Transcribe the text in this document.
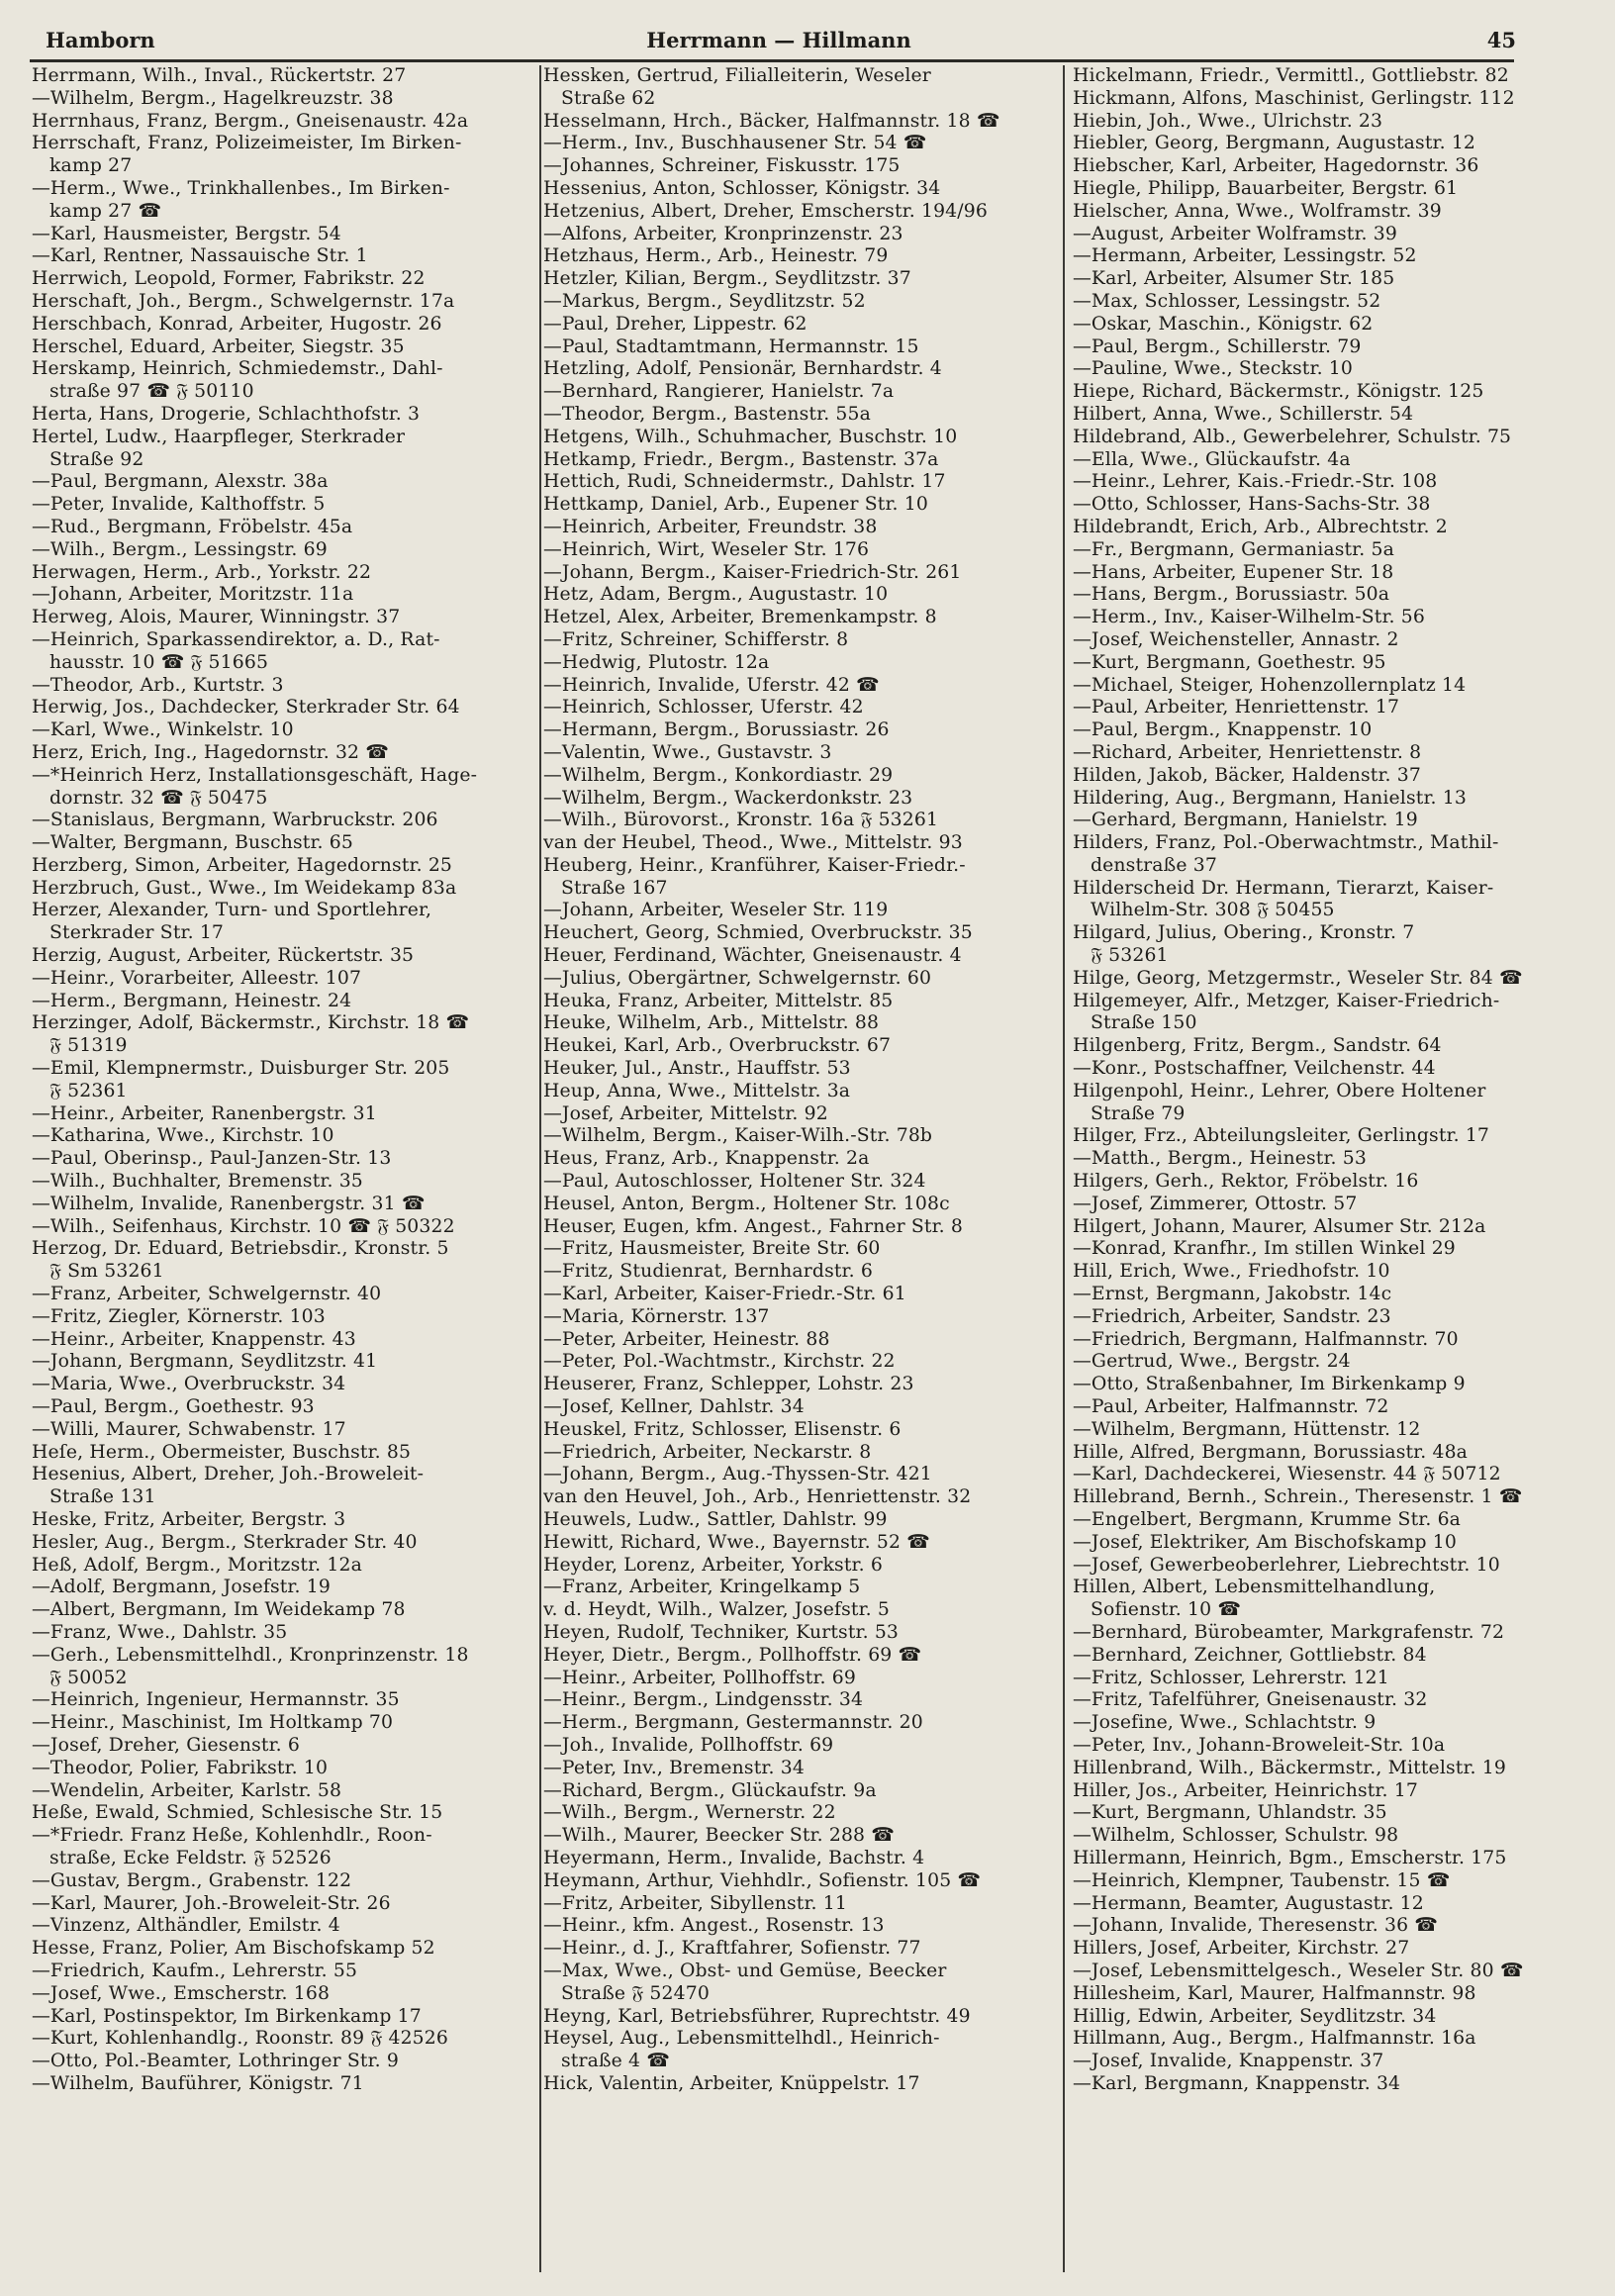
Hamborn	Herrmann — Hillmann	45
Herrmann, Wilh., Inval., Rückertstr. 27
—Wilhelm, Bergm., Hagelkreuzstr. 38
Herrnhaus, Franz, Bergm., Gneisenaustr. 42a
Herrschaft, Franz, Polizeimeister, Im Birken-
kamp 27
—Herm., Wwe., Trinkhallenbes., Im Birken-
kamp 27 ☎
—Karl, Hausmeister, Bergstr. 54
—Karl, Rentner, Nassauische Str. 1
Herrwich, Leopold, Former, Fabrikstr. 22
Herschaft, Joh., Bergm., Schwelgernstr. 17a
Herschbach, Konrad, Arbeiter, Hugostr. 26
Herschel, Eduard, Arbeiter, Siegstr. 35
Herskamp, Heinrich, Schmiedemstr., Dahl-
straße 97 ☎ 𝔉 50110
Herta, Hans, Drogerie, Schlachthofstr. 3
Hertel, Ludw., Haarpfleger, Sterkrader
Straße 92
—Paul, Bergmann, Alexstr. 38a
—Peter, Invalide, Kalthoffstr. 5
—Rud., Bergmann, Fröbelstr. 45a
—Wilh., Bergm., Lessingstr. 69
Herwagen, Herm., Arb., Yorkstr. 22
—Johann, Arbeiter, Moritzstr. 11a
Herweg, Alois, Maurer, Winningstr. 37
—Heinrich, Sparkassendirektor, a. D., Rat-
hausstr. 10 ☎ 𝔉 51665
—Theodor, Arb., Kurtstr. 3
Herwig, Jos., Dachdecker, Sterkrader Str. 64
—Karl, Wwe., Winkelstr. 10
Herz, Erich, Ing., Hagedornstr. 32 ☎
—*Heinrich Herz, Installationsgeschäft, Hage-
dornstr. 32 ☎ 𝔉 50475
—Stanislaus, Bergmann, Warbruckstr. 206
—Walter, Bergmann, Buschstr. 65
Herzberg, Simon, Arbeiter, Hagedornstr. 25
Herzbruch, Gust., Wwe., Im Weidekamp 83a
Herzer, Alexander, Turn- und Sportlehrer,
Sterkrader Str. 17
Herzig, August, Arbeiter, Rückertstr. 35
—Heinr., Vorarbeiter, Alleestr. 107
—Herm., Bergmann, Heinestr. 24
Herzinger, Adolf, Bäckermstr., Kirchstr. 18 ☎
𝔉 51319
—Emil, Klempnermstr., Duisburger Str. 205
𝔉 52361
—Heinr., Arbeiter, Ranenbergstr. 31
—Katharina, Wwe., Kirchstr. 10
—Paul, Oberinsp., Paul-Janzen-Str. 13
—Wilh., Buchhalter, Bremenstr. 35
—Wilhelm, Invalide, Ranenbergstr. 31 ☎
—Wilh., Seifenhaus, Kirchstr. 10 ☎ 𝔉 50322
Herzog, Dr. Eduard, Betriebsdir., Kronstr. 5
𝔉 Sm 53261
—Franz, Arbeiter, Schwelgernstr. 40
—Fritz, Ziegler, Körnerstr. 103
—Heinr., Arbeiter, Knappenstr. 43
—Johann, Bergmann, Seydlitzstr. 41
—Maria, Wwe., Overbruckstr. 34
—Paul, Bergm., Goethestr. 93
—Willi, Maurer, Schwabenstr. 17
Heſe, Herm., Obermeister, Buschstr. 85
Hesenius, Albert, Dreher, Joh.-Broweleit-
Straße 131
Heske, Fritz, Arbeiter, Bergstr. 3
Hesler, Aug., Bergm., Sterkrader Str. 40
Heß, Adolf, Bergm., Moritzstr. 12a
—Adolf, Bergmann, Josefstr. 19
—Albert, Bergmann, Im Weidekamp 78
—Franz, Wwe., Dahlstr. 35
—Gerh., Lebensmittelhdl., Kronprinzenstr. 18
𝔉 50052
—Heinrich, Ingenieur, Hermannstr. 35
—Heinr., Maschinist, Im Holtkamp 70
—Josef, Dreher, Giesenstr. 6
—Theodor, Polier, Fabrikstr. 10
—Wendelin, Arbeiter, Karlstr. 58
Heße, Ewald, Schmied, Schlesische Str. 15
—*Friedr. Franz Heße, Kohlenhdlr., Roon-
straße, Ecke Feldstr. 𝔉 52526
—Gustav, Bergm., Grabenstr. 122
—Karl, Maurer, Joh.-Broweleit-Str. 26
—Vinzenz, Althändler, Emilstr. 4
Hesse, Franz, Polier, Am Bischofskamp 52
—Friedrich, Kaufm., Lehrerstr. 55
—Josef, Wwe., Emscherstr. 168
—Karl, Postinspektor, Im Birkenkamp 17
—Kurt, Kohlenhandlg., Roonstr. 89 𝔉 42526
—Otto, Pol.-Beamter, Lothringer Str. 9
—Wilhelm, Bauführer, Königstr. 71
Hessken, Gertrud, Filialleiterin, Weseler
Straße 62
Hesselmann, Hrch., Bäcker, Halfmannstr. 18 ☎
—Herm., Inv., Buschhausener Str. 54 ☎
—Johannes, Schreiner, Fiskusstr. 175
Hessenius, Anton, Schlosser, Königstr. 34
Hetzenius, Albert, Dreher, Emscherstr. 194/96
—Alfons, Arbeiter, Kronprinzenstr. 23
Hetzhaus, Herm., Arb., Heinestr. 79
Hetzler, Kilian, Bergm., Seydlitzstr. 37
—Markus, Bergm., Seydlitzstr. 52
—Paul, Dreher, Lippestr. 62
—Paul, Stadtamtmann, Hermannstr. 15
Hetzling, Adolf, Pensionär, Bernhardstr. 4
—Bernhard, Rangierer, Hanielstr. 7a
—Theodor, Bergm., Bastenstr. 55a
Hetgens, Wilh., Schuhmacher, Buschstr. 10
Hetkamp, Friedr., Bergm., Bastenstr. 37a
Hettich, Rudi, Schneidermstr., Dahlstr. 17
Hettkamp, Daniel, Arb., Eupener Str. 10
—Heinrich, Arbeiter, Freundstr. 38
—Heinrich, Wirt, Weseler Str. 176
—Johann, Bergm., Kaiser-Friedrich-Str. 261
Hetz, Adam, Bergm., Augustastr. 10
Hetzel, Alex, Arbeiter, Bremenkampstr. 8
—Fritz, Schreiner, Schifferstr. 8
—Hedwig, Plutostr. 12a
—Heinrich, Invalide, Uferstr. 42 ☎
—Heinrich, Schlosser, Uferstr. 42
—Hermann, Bergm., Borussiastr. 26
—Valentin, Wwe., Gustavstr. 3
—Wilhelm, Bergm., Konkordiastr. 29
—Wilhelm, Bergm., Wackerdonkstr. 23
—Wilh., Bürovorst., Kronstr. 16a 𝔉 53261
van der Heubel, Theod., Wwe., Mittelstr. 93
Heuberg, Heinr., Kranführer, Kaiser-Friedr.-
Straße 167
—Johann, Arbeiter, Weseler Str. 119
Heuchert, Georg, Schmied, Overbruckstr. 35
Heuer, Ferdinand, Wächter, Gneisenaustr. 4
—Julius, Obergärtner, Schwelgernstr. 60
Heuka, Franz, Arbeiter, Mittelstr. 85
Heuke, Wilhelm, Arb., Mittelstr. 88
Heukei, Karl, Arb., Overbruckstr. 67
Heuker, Jul., Anstr., Hauffstr. 53
Heup, Anna, Wwe., Mittelstr. 3a
—Josef, Arbeiter, Mittelstr. 92
—Wilhelm, Bergm., Kaiser-Wilh.-Str. 78b
Heus, Franz, Arb., Knappenstr. 2a
—Paul, Autoschlosser, Holtener Str. 324
Heusel, Anton, Bergm., Holtener Str. 108c
Heuser, Eugen, kfm. Angest., Fahrner Str. 8
—Fritz, Hausmeister, Breite Str. 60
—Fritz, Studienrat, Bernhardstr. 6
—Karl, Arbeiter, Kaiser-Friedr.-Str. 61
—Maria, Körnerstr. 137
—Peter, Arbeiter, Heinestr. 88
—Peter, Pol.-Wachtmstr., Kirchstr. 22
Heuserer, Franz, Schlepper, Lohstr. 23
—Josef, Kellner, Dahlstr. 34
Heuskel, Fritz, Schlosser, Elisenstr. 6
—Friedrich, Arbeiter, Neckarstr. 8
—Johann, Bergm., Aug.-Thyssen-Str. 421
van den Heuvel, Joh., Arb., Henriettenstr. 32
Heuwels, Ludw., Sattler, Dahlstr. 99
Hewitt, Richard, Wwe., Bayernstr. 52 ☎
Heyder, Lorenz, Arbeiter, Yorkstr. 6
—Franz, Arbeiter, Kringelkamp 5
v. d. Heydt, Wilh., Walzer, Josefstr. 5
Heyen, Rudolf, Techniker, Kurtstr. 53
Heyer, Dietr., Bergm., Pollhoffstr. 69 ☎
—Heinr., Arbeiter, Pollhoffstr. 69
—Heinr., Bergm., Lindgensstr. 34
—Herm., Bergmann, Gestermannstr. 20
—Joh., Invalide, Pollhoffstr. 69
—Peter, Inv., Bremenstr. 34
—Richard, Bergm., Glückaufstr. 9a
—Wilh., Bergm., Wernerstr. 22
—Wilh., Maurer, Beecker Str. 288 ☎
Heyermann, Herm., Invalide, Bachstr. 4
Heymann, Arthur, Viehhdlr., Sofienstr. 105 ☎
—Fritz, Arbeiter, Sibyllenstr. 11
—Heinr., kfm. Angest., Rosenstr. 13
—Heinr., d. J., Kraftfahrer, Sofienstr. 77
—Max, Wwe., Obst- und Gemüse, Beecker
Straße 𝔉 52470
Heyng, Karl, Betriebsführer, Ruprechtstr. 49
Heysel, Aug., Lebensmittelhdl., Heinrich-
straße 4 ☎
Hick, Valentin, Arbeiter, Knüppelstr. 17
Hickelmann, Friedr., Vermittl., Gottliebstr. 82
Hickmann, Alfons, Maschinist, Gerlingstr. 112
Hiebin, Joh., Wwe., Ulrichstr. 23
Hiebler, Georg, Bergmann, Augustastr. 12
Hiebscher, Karl, Arbeiter, Hagedornstr. 36
Hiegle, Philipp, Bauarbeiter, Bergstr. 61
Hielscher, Anna, Wwe., Wolframstr. 39
—August, Arbeiter Wolframstr. 39
—Hermann, Arbeiter, Lessingstr. 52
—Karl, Arbeiter, Alsumer Str. 185
—Max, Schlosser, Lessingstr. 52
—Oskar, Maschin., Königstr. 62
—Paul, Bergm., Schillerstr. 79
—Pauline, Wwe., Steckstr. 10
Hiepe, Richard, Bäckermstr., Königstr. 125
Hilbert, Anna, Wwe., Schillerstr. 54
Hildebrand, Alb., Gewerbelehrer, Schulstr. 75
—Ella, Wwe., Glückaufstr. 4a
—Heinr., Lehrer, Kais.-Friedr.-Str. 108
—Otto, Schlosser, Hans-Sachs-Str. 38
Hildebrandt, Erich, Arb., Albrechtstr. 2
—Fr., Bergmann, Germaniastr. 5a
—Hans, Arbeiter, Eupener Str. 18
—Hans, Bergm., Borussiastr. 50a
—Herm., Inv., Kaiser-Wilhelm-Str. 56
—Josef, Weichensteller, Annastr. 2
—Kurt, Bergmann, Goethestr. 95
—Michael, Steiger, Hohenzollernplatz 14
—Paul, Arbeiter, Henriettenstr. 17
—Paul, Bergm., Knappenstr. 10
—Richard, Arbeiter, Henriettenstr. 8
Hilden, Jakob, Bäcker, Haldenstr. 37
Hildering, Aug., Bergmann, Hanielstr. 13
—Gerhard, Bergmann, Hanielstr. 19
Hilders, Franz, Pol.-Oberwachtmstr., Mathil-
denstraße 37
Hilderscheid Dr. Hermann, Tierarzt, Kaiser-
Wilhelm-Str. 308 𝔉 50455
Hilgard, Julius, Obering., Kronstr. 7
𝔉 53261
Hilge, Georg, Metzgermstr., Weseler Str. 84 ☎
Hilgemeyer, Alfr., Metzger, Kaiser-Friedrich-
Straße 150
Hilgenberg, Fritz, Bergm., Sandstr. 64
—Konr., Postschaffner, Veilchenstr. 44
Hilgenpohl, Heinr., Lehrer, Obere Holtener
Straße 79
Hilger, Frz., Abteilungsleiter, Gerlingstr. 17
—Matth., Bergm., Heinestr. 53
Hilgers, Gerh., Rektor, Fröbelstr. 16
—Josef, Zimmerer, Ottostr. 57
Hilgert, Johann, Maurer, Alsumer Str. 212a
—Konrad, Kranfhr., Im stillen Winkel 29
Hill, Erich, Wwe., Friedhofstr. 10
—Ernst, Bergmann, Jakobstr. 14c
—Friedrich, Arbeiter, Sandstr. 23
—Friedrich, Bergmann, Halfmannstr. 70
—Gertrud, Wwe., Bergstr. 24
—Otto, Straßenbahner, Im Birkenkamp 9
—Paul, Arbeiter, Halfmannstr. 72
—Wilhelm, Bergmann, Hüttenstr. 12
Hille, Alfred, Bergmann, Borussiastr. 48a
—Karl, Dachdeckerei, Wiesenstr. 44 𝔉 50712
Hillebrand, Bernh., Schrein., Theresenstr. 1 ☎
—Engelbert, Bergmann, Krumme Str. 6a
—Josef, Elektriker, Am Bischofskamp 10
—Josef, Gewerbeoberlehrer, Liebrechtstr. 10
Hillen, Albert, Lebensmittelhandlung,
Sofienstr. 10 ☎
—Bernhard, Bürobeamter, Markgrafenstr. 72
—Bernhard, Zeichner, Gottliebstr. 84
—Fritz, Schlosser, Lehrerstr. 121
—Fritz, Tafelführer, Gneisenaustr. 32
—Josefine, Wwe., Schlachtstr. 9
—Peter, Inv., Johann-Broweleit-Str. 10a
Hillenbrand, Wilh., Bäckermstr., Mittelstr. 19
Hiller, Jos., Arbeiter, Heinrichstr. 17
—Kurt, Bergmann, Uhlandstr. 35
—Wilhelm, Schlosser, Schulstr. 98
Hillermann, Heinrich, Bgm., Emscherstr. 175
—Heinrich, Klempner, Taubenstr. 15 ☎
—Hermann, Beamter, Augustastr. 12
—Johann, Invalide, Theresenstr. 36 ☎
Hillers, Josef, Arbeiter, Kirchstr. 27
—Josef, Lebensmittelgesch., Weseler Str. 80 ☎
Hillesheim, Karl, Maurer, Halfmannstr. 98
Hillig, Edwin, Arbeiter, Seydlitzstr. 34
Hillmann, Aug., Bergm., Halfmannstr. 16a
—Josef, Invalide, Knappenstr. 37
—Karl, Bergmann, Knappenstr. 34
